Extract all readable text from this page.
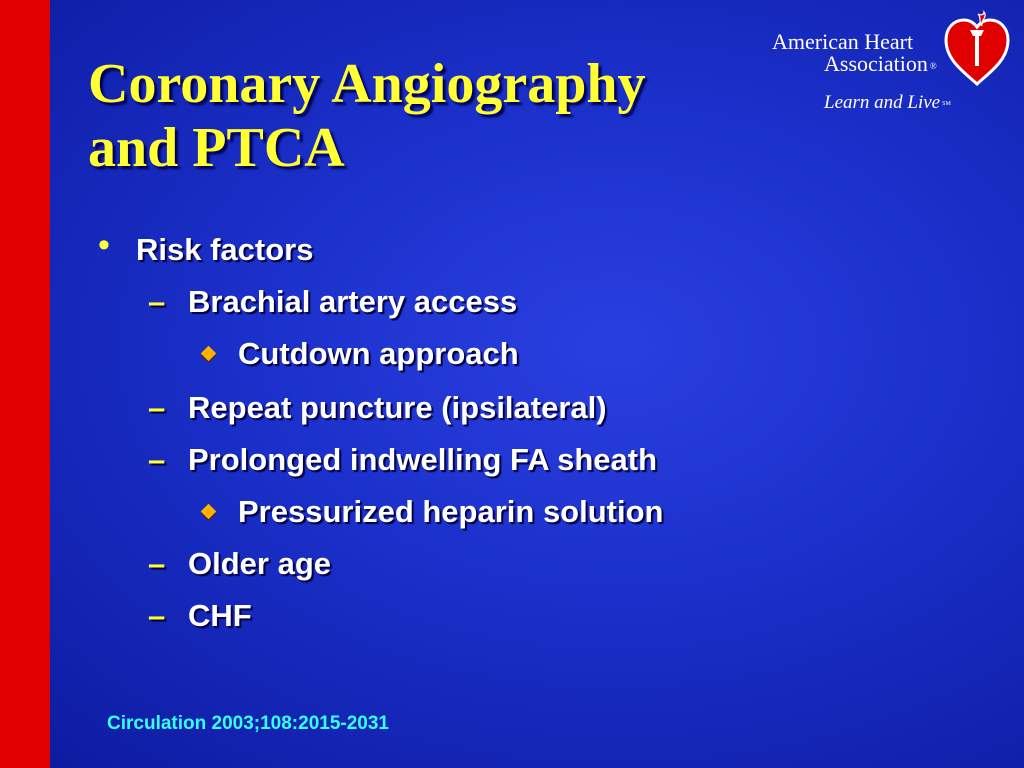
Coronary Angiography
and PTCA
American Heart
Association ®
Learn and Live SM
• Risk factors
– Brachial artery access
Cutdown approach
– Repeat puncture (ipsilateral)
– Prolonged indwelling FA sheath
Pressurized heparin solution
– Older age
– CHF
Circulation 2003;108:2015-2031
